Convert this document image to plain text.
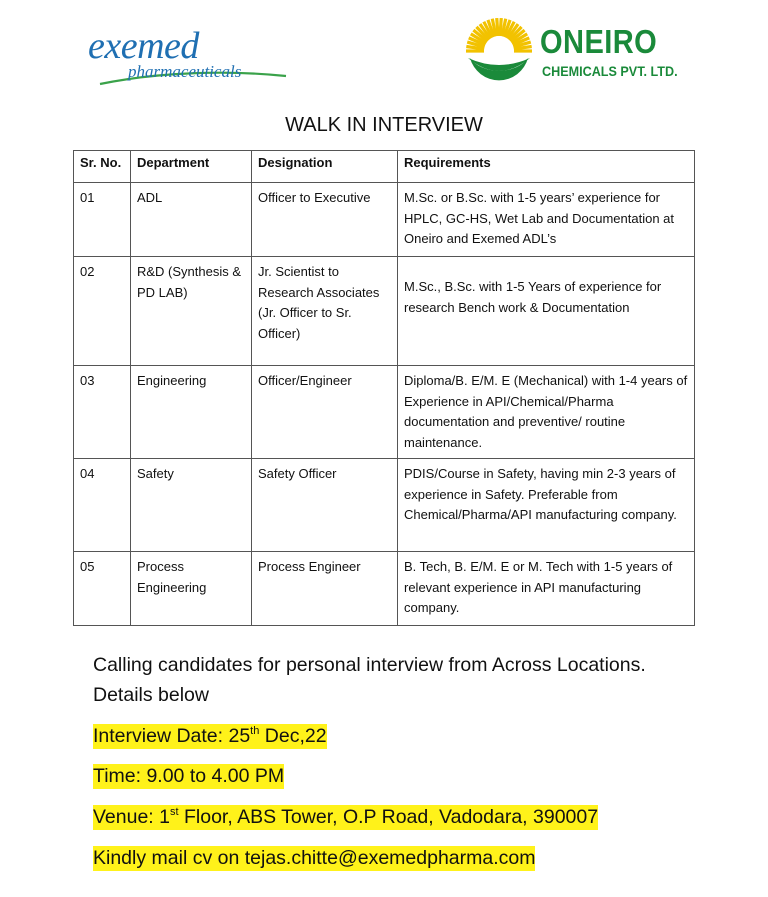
exemed
pharmaceuticals
ONEIRO
CHEMICALS PVT. LTD.
WALK IN INTERVIEW
Sr. No.	Department	Designation	Requirements
01	ADL	Officer to Executive	M.Sc. or B.Sc. with 1-5 years’ experience for HPLC, GC-HS, Wet Lab and Documentation at Oneiro and Exemed ADL’s
02	R&D (Synthesis & PD LAB)	Jr. Scientist to Research Associates (Jr. Officer to Sr. Officer)	M.Sc., B.Sc. with 1-5 Years of experience for research Bench work & Documentation
03	Engineering	Officer/Engineer	Diploma/B. E/M. E (Mechanical) with 1-4 years of Experience in API/Chemical/Pharma documentation and preventive/ routine maintenance.
04	Safety	Safety Officer	PDIS/Course in Safety, having min 2-3 years of experience in Safety. Preferable from Chemical/Pharma/API manufacturing company.
05	Process Engineering	Process Engineer	B. Tech, B. E/M. E or M. Tech with 1-5 years of relevant experience in API manufacturing company.
Calling candidates for personal interview from Across Locations. Details below
Interview Date: 25th Dec,22
Time: 9.00 to 4.00 PM
Venue: 1st Floor, ABS Tower, O.P Road, Vadodara, 390007
Kindly mail cv on tejas.chitte@exemedpharma.com
